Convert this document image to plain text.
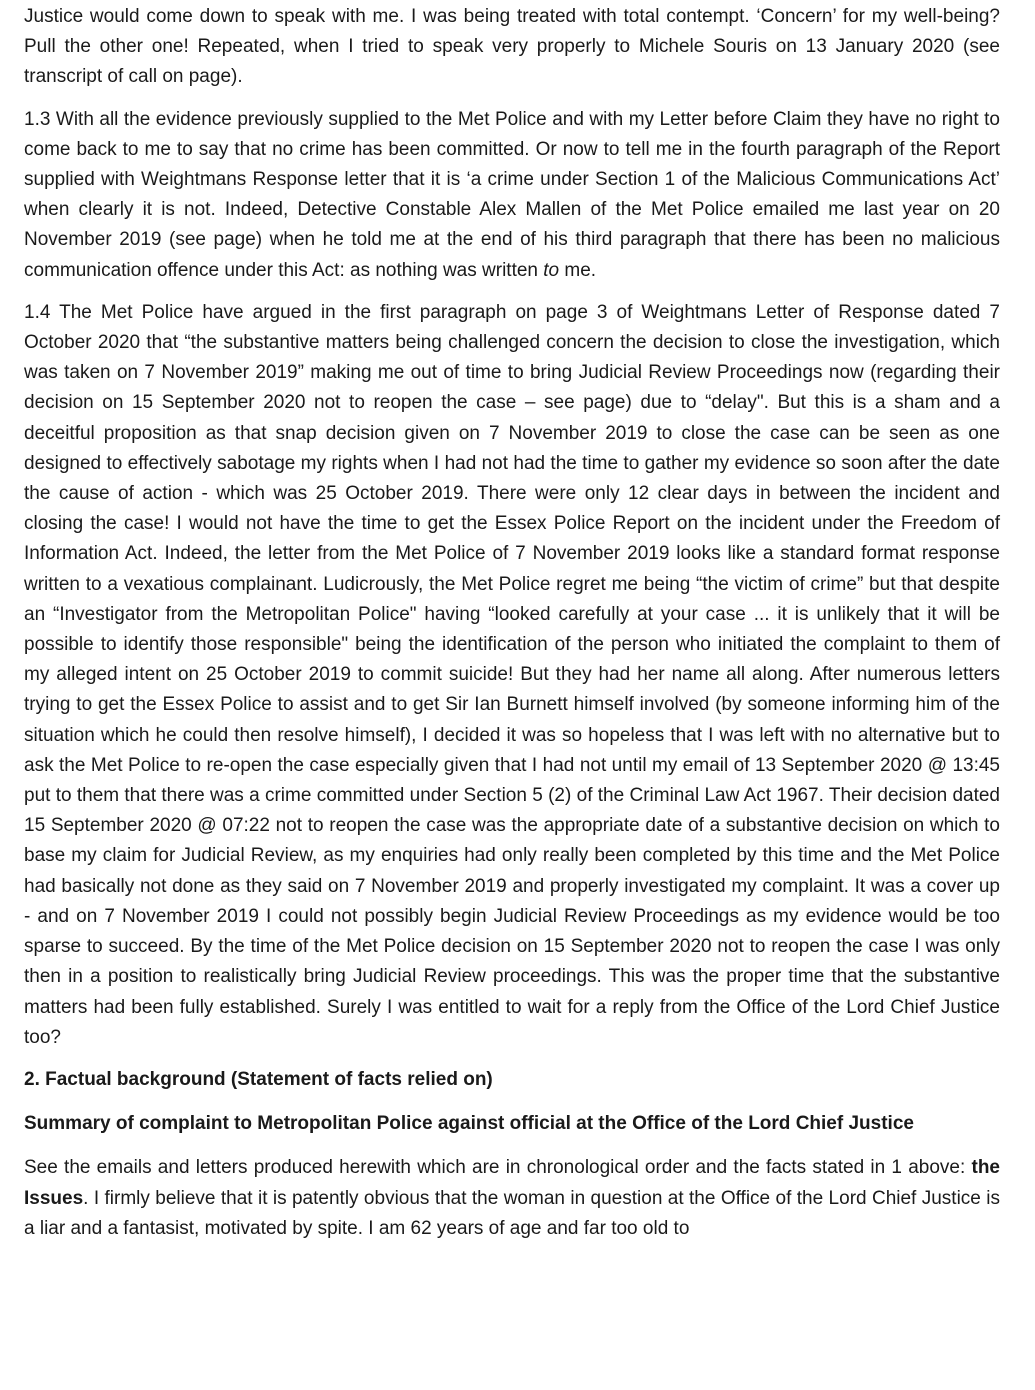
Justice would come down to speak with me. I was being treated with total contempt. ‘Concern’ for my well-being? Pull the other one! Repeated, when I tried to speak very properly to Michele Souris on 13 January 2020 (see transcript of call on page).

1.3 With all the evidence previously supplied to the Met Police and with my Letter before Claim they have no right to come back to me to say that no crime has been committed. Or now to tell me in the fourth paragraph of the Report supplied with Weightmans Response letter that it is ‘a crime under Section 1 of the Malicious Communications Act’ when clearly it is not. Indeed, Detective Constable Alex Mallen of the Met Police emailed me last year on 20 November 2019 (see page) when he told me at the end of his third paragraph that there has been no malicious communication offence under this Act: as nothing was written to me.

1.4 The Met Police have argued in the first paragraph on page 3 of Weightmans Letter of Response dated 7 October 2020 that “the substantive matters being challenged concern the decision to close the investigation, which was taken on 7 November 2019” making me out of time to bring Judicial Review Proceedings now (regarding their decision on 15 September 2020 not to reopen the case – see page) due to “delay". But this is a sham and a deceitful proposition as that snap decision given on 7 November 2019 to close the case can be seen as one designed to effectively sabotage my rights when I had not had the time to gather my evidence so soon after the date the cause of action - which was 25 October 2019. There were only 12 clear days in between the incident and closing the case! I would not have the time to get the Essex Police Report on the incident under the Freedom of Information Act. Indeed, the letter from the Met Police of 7 November 2019 looks like a standard format response written to a vexatious complainant. Ludicrously, the Met Police regret me being “the victim of crime” but that despite an “Investigator from the Metropolitan Police" having “looked carefully at your case ... it is unlikely that it will be possible to identify those responsible" being the identification of the person who initiated the complaint to them of my alleged intent on 25 October 2019 to commit suicide! But they had her name all along. After numerous letters trying to get the Essex Police to assist and to get Sir Ian Burnett himself involved (by someone informing him of the situation which he could then resolve himself), I decided it was so hopeless that I was left with no alternative but to ask the Met Police to re-open the case especially given that I had not until my email of 13 September 2020 @ 13:45 put to them that there was a crime committed under Section 5 (2) of the Criminal Law Act 1967. Their decision dated 15 September 2020 @ 07:22 not to reopen the case was the appropriate date of a substantive decision on which to base my claim for Judicial Review, as my enquiries had only really been completed by this time and the Met Police had basically not done as they said on 7 November 2019 and properly investigated my complaint. It was a cover up - and on 7 November 2019 I could not possibly begin Judicial Review Proceedings as my evidence would be too sparse to succeed. By the time of the Met Police decision on 15 September 2020 not to reopen the case I was only then in a position to realistically bring Judicial Review proceedings. This was the proper time that the substantive matters had been fully established. Surely I was entitled to wait for a reply from the Office of the Lord Chief Justice too?

2. Factual background (Statement of facts relied on)

Summary of complaint to Metropolitan Police against official at the Office of the Lord Chief Justice

See the emails and letters produced herewith which are in chronological order and the facts stated in 1 above: the Issues. I firmly believe that it is patently obvious that the woman in question at the Office of the Lord Chief Justice is a liar and a fantasist, motivated by spite. I am 62 years of age and far too old to
